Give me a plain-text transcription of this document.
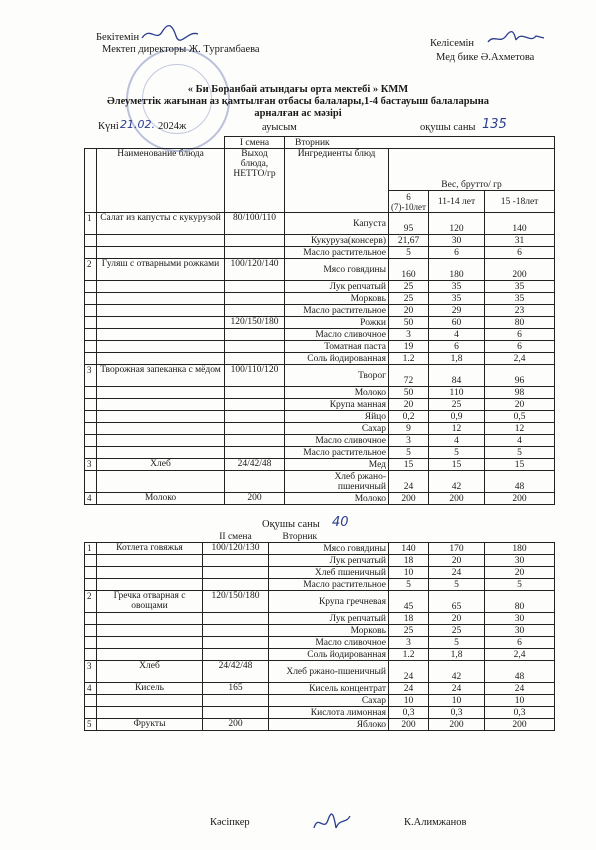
Бекітемін
Мектеп директоры Ж. Тургамбаева
Келісемін
Мед бике Ә.Ахметова
« Би Боранбай атындағы орта мектебі » КММ
Әлеуметтік жағынан аз қамтылған отбасы балалары,1-4 бастауыш балаларына
арналған ас мәзірі
Күні 21.02. 2024ж	ауысым	оқушы саны 135
		I смена	Вторник			
	Наименование блюда	Выход блюда, НЕТТО/гр	Ингредиенты блюд	Вес, брутто/ гр		
				6 (7)-10лет	11-14 лет	15 -18лет
1	Салат из капусты с кукурузой	80/100/110	Капуста	95	120	140
			Кукуруза(консерв)	21,67	30	31
			Масло растительное	5	6	6
2	Гуляш с отварными рожками	100/120/140	Мясо говядины	160	180	200
			Лук репчатый	25	35	35
			Морковь	25	35	35
			Масло растительное	20	29	23
		120/150/180	Рожки	50	60	80
			Масло сливочное	3	4	6
			Томатная паста	19	6	6
			Соль йодированная	1.2	1,8	2,4
3	Творожная запеканка с мёдом	100/110/120	Творог	72	84	96
			Молоко	50	110	98
			Крупа манная	20	25	20
			Яйцо	0,2	0,9	0,5
			Сахар	9	12	12
			Масло сливочное	3	4	4
			Масло растительное	5	5	5
3	Хлеб	24/42/48	Мед	15	15	15
			Хлеб ржано-пшеничный	24	42	48
4	Молоко	200	Молоко	200	200	200
Оқушы саны 40
		II смена	Вторник			
1	Котлета говяжья	100/120/130	Мясо говядины	140	170	180
			Лук репчатый	18	20	30
			Хлеб пшеничный	10	24	20
			Масло растительное	5	5	5
2	Гречка отварная с овощами	120/150/180	Крупа гречневая	45	65	80
			Лук репчатый	18	20	30
			Морковь	25	25	30
			Масло сливочное	3	5	6
			Соль йодированная	1.2	1,8	2,4
3	Хлеб	24/42/48	Хлеб ржано-пшеничный	24	42	48
4	Кисель	165	Кисель концентрат	24	24	24
			Сахар	10	10	10
			Кислота лимонная	0,3	0,3	0,3
5	Фрукты	200	Яблоко	200	200	200
Кәсіпкер	К.Алимжанов
